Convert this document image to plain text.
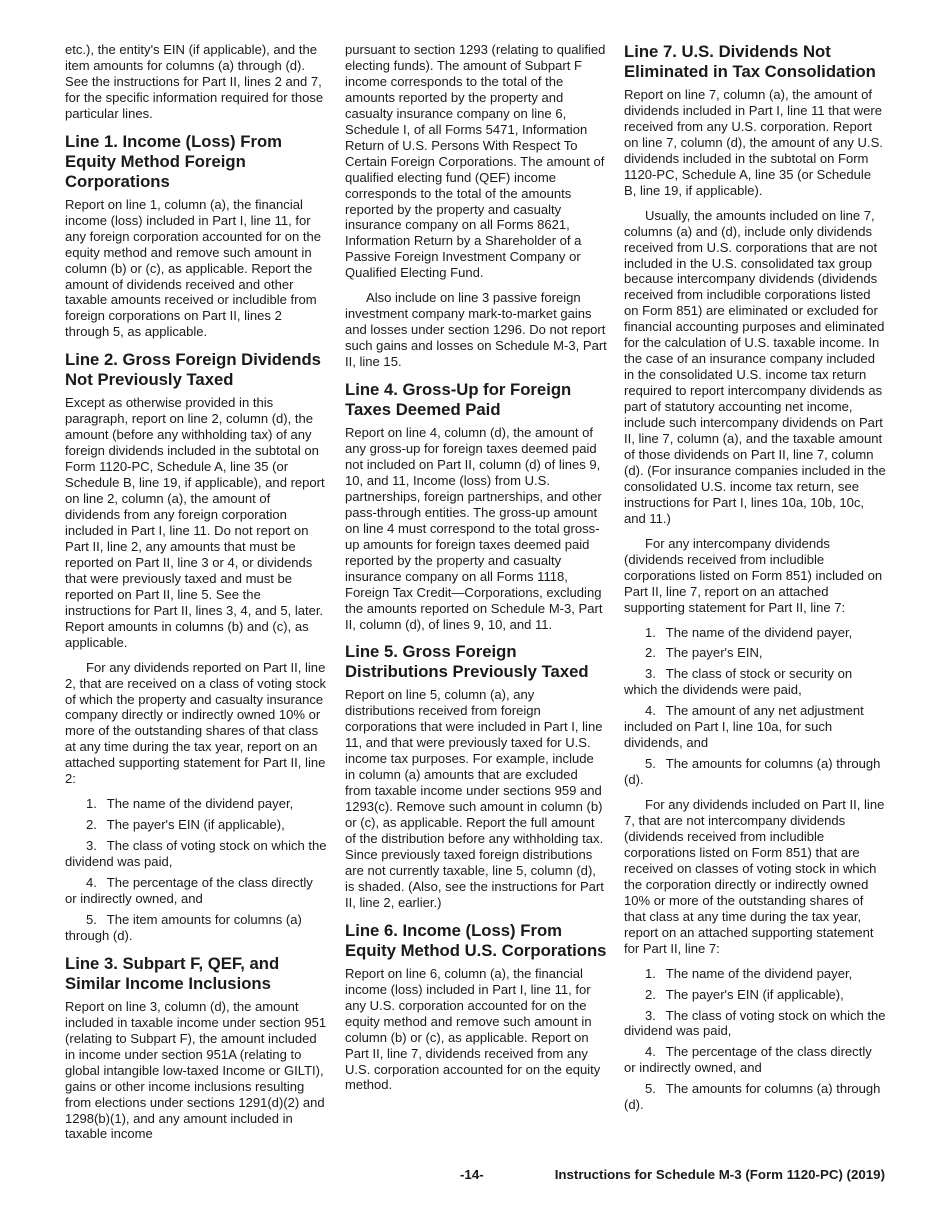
etc.), the entity's EIN (if applicable), and the item amounts for columns (a) through (d). See the instructions for Part II, lines 2 and 7, for the specific information required for those particular lines.

Line 1. Income (Loss) From Equity Method Foreign Corporations

Report on line 1, column (a), the financial income (loss) included in Part I, line 11, for any foreign corporation accounted for on the equity method and remove such amount in column (b) or (c), as applicable. Report the amount of dividends received and other taxable amounts received or includible from foreign corporations on Part II, lines 2 through 5, as applicable.

Line 2. Gross Foreign Dividends Not Previously Taxed

Except as otherwise provided in this paragraph, report on line 2, column (d), the amount (before any withholding tax) of any foreign dividends included in the subtotal on Form 1120-PC, Schedule A, line 35 (or Schedule B, line 19, if applicable), and report on line 2, column (a), the amount of dividends from any foreign corporation included in Part I, line 11. Do not report on Part II, line 2, any amounts that must be reported on Part II, line 3 or 4, or dividends that were previously taxed and must be reported on Part II, line 5. See the instructions for Part II, lines 3, 4, and 5, later. Report amounts in columns (b) and (c), as applicable.

For any dividends reported on Part II, line 2, that are received on a class of voting stock of which the property and casualty insurance company directly or indirectly owned 10% or more of the outstanding shares of that class at any time during the tax year, report on an attached supporting statement for Part II, line 2:

1.  The name of the dividend payer,
2.  The payer's EIN (if applicable),
3.  The class of voting stock on which the dividend was paid,
4.  The percentage of the class directly or indirectly owned, and
5.  The item amounts for columns (a) through (d).
Line 3. Subpart F, QEF, and Similar Income Inclusions

Report on line 3, column (d), the amount included in taxable income under section 951 (relating to Subpart F), the amount included in income under section 951A (relating to global intangible low-taxed Income or GILTI), gains or other income inclusions resulting from elections under sections 1291(d)(2) and 1298(b)(1), and any amount included in taxable income

pursuant to section 1293 (relating to qualified electing funds). The amount of Subpart F income corresponds to the total of the amounts reported by the property and casualty insurance company on line 6, Schedule I, of all Forms 5471, Information Return of U.S. Persons With Respect To Certain Foreign Corporations. The amount of qualified electing fund (QEF) income corresponds to the total of the amounts reported by the property and casualty insurance company on all Forms 8621, Information Return by a Shareholder of a Passive Foreign Investment Company or Qualified Electing Fund.

Also include on line 3 passive foreign investment company mark-to-market gains and losses under section 1296. Do not report such gains and losses on Schedule M-3, Part II, line 15.

Line 4. Gross-Up for Foreign Taxes Deemed Paid

Report on line 4, column (d), the amount of any gross-up for foreign taxes deemed paid not included on Part II, column (d) of lines 9, 10, and 11, Income (loss) from U.S. partnerships, foreign partnerships, and other pass-through entities. The gross-up amount on line 4 must correspond to the total gross-up amounts for foreign taxes deemed paid reported by the property and casualty insurance company on all Forms 1118, Foreign Tax Credit—Corporations, excluding the amounts reported on Schedule M-3, Part II, column (d), of lines 9, 10, and 11.

Line 5. Gross Foreign Distributions Previously Taxed

Report on line 5, column (a), any distributions received from foreign corporations that were included in Part I, line 11, and that were previously taxed for U.S. income tax purposes. For example, include in column (a) amounts that are excluded from taxable income under sections 959 and 1293(c). Remove such amount in column (b) or (c), as applicable. Report the full amount of the distribution before any withholding tax. Since previously taxed foreign distributions are not currently taxable, line 5, column (d), is shaded. (Also, see the instructions for Part II, line 2, earlier.)

Line 6. Income (Loss) From Equity Method U.S. Corporations

Report on line 6, column (a), the financial income (loss) included in Part I, line 11, for any U.S. corporation accounted for on the equity method and remove such amount in column (b) or (c), as applicable. Report on Part II, line 7, dividends received from any U.S. corporation accounted for on the equity method.

Line 7. U.S. Dividends Not Eliminated in Tax Consolidation

Report on line 7, column (a), the amount of dividends included in Part I, line 11 that were received from any U.S. corporation. Report on line 7, column (d), the amount of any U.S. dividends included in the subtotal on Form 1120-PC, Schedule A, line 35 (or Schedule B, line 19, if applicable).

Usually, the amounts included on line 7, columns (a) and (d), include only dividends received from U.S. corporations that are not included in the U.S. consolidated tax group because intercompany dividends (dividends received from includible corporations listed on Form 851) are eliminated or excluded for financial accounting purposes and eliminated for the calculation of U.S. taxable income. In the case of an insurance company included in the consolidated U.S. income tax return required to report intercompany dividends as part of statutory accounting net income, include such intercompany dividends on Part II, line 7, column (a), and the taxable amount of those dividends on Part II, line 7, column (d). (For insurance companies included in the consolidated U.S. income tax return, see instructions for Part I, lines 10a, 10b, 10c, and 11.)

For any intercompany dividends (dividends received from includible corporations listed on Form 851) included on Part II, line 7, report on an attached supporting statement for Part II, line 7:

1.  The name of the dividend payer,
2.  The payer's EIN,
3.  The class of stock or security on which the dividends were paid,
4.  The amount of any net adjustment included on Part I, line 10a, for such dividends, and
5.  The amounts for columns (a) through (d).

For any dividends included on Part II, line 7, that are not intercompany dividends (dividends received from includible corporations listed on Form 851) that are received on classes of voting stock in which the corporation directly or indirectly owned 10% or more of the outstanding shares of that class at any time during the tax year, report on an attached supporting statement for Part II, line 7:

1.  The name of the dividend payer,
2.  The payer's EIN (if applicable),
3.  The class of voting stock on which the dividend was paid,
4.  The percentage of the class directly or indirectly owned, and
5.  The amounts for columns (a) through (d).
-14-	Instructions for Schedule M-3 (Form 1120-PC) (2019)
